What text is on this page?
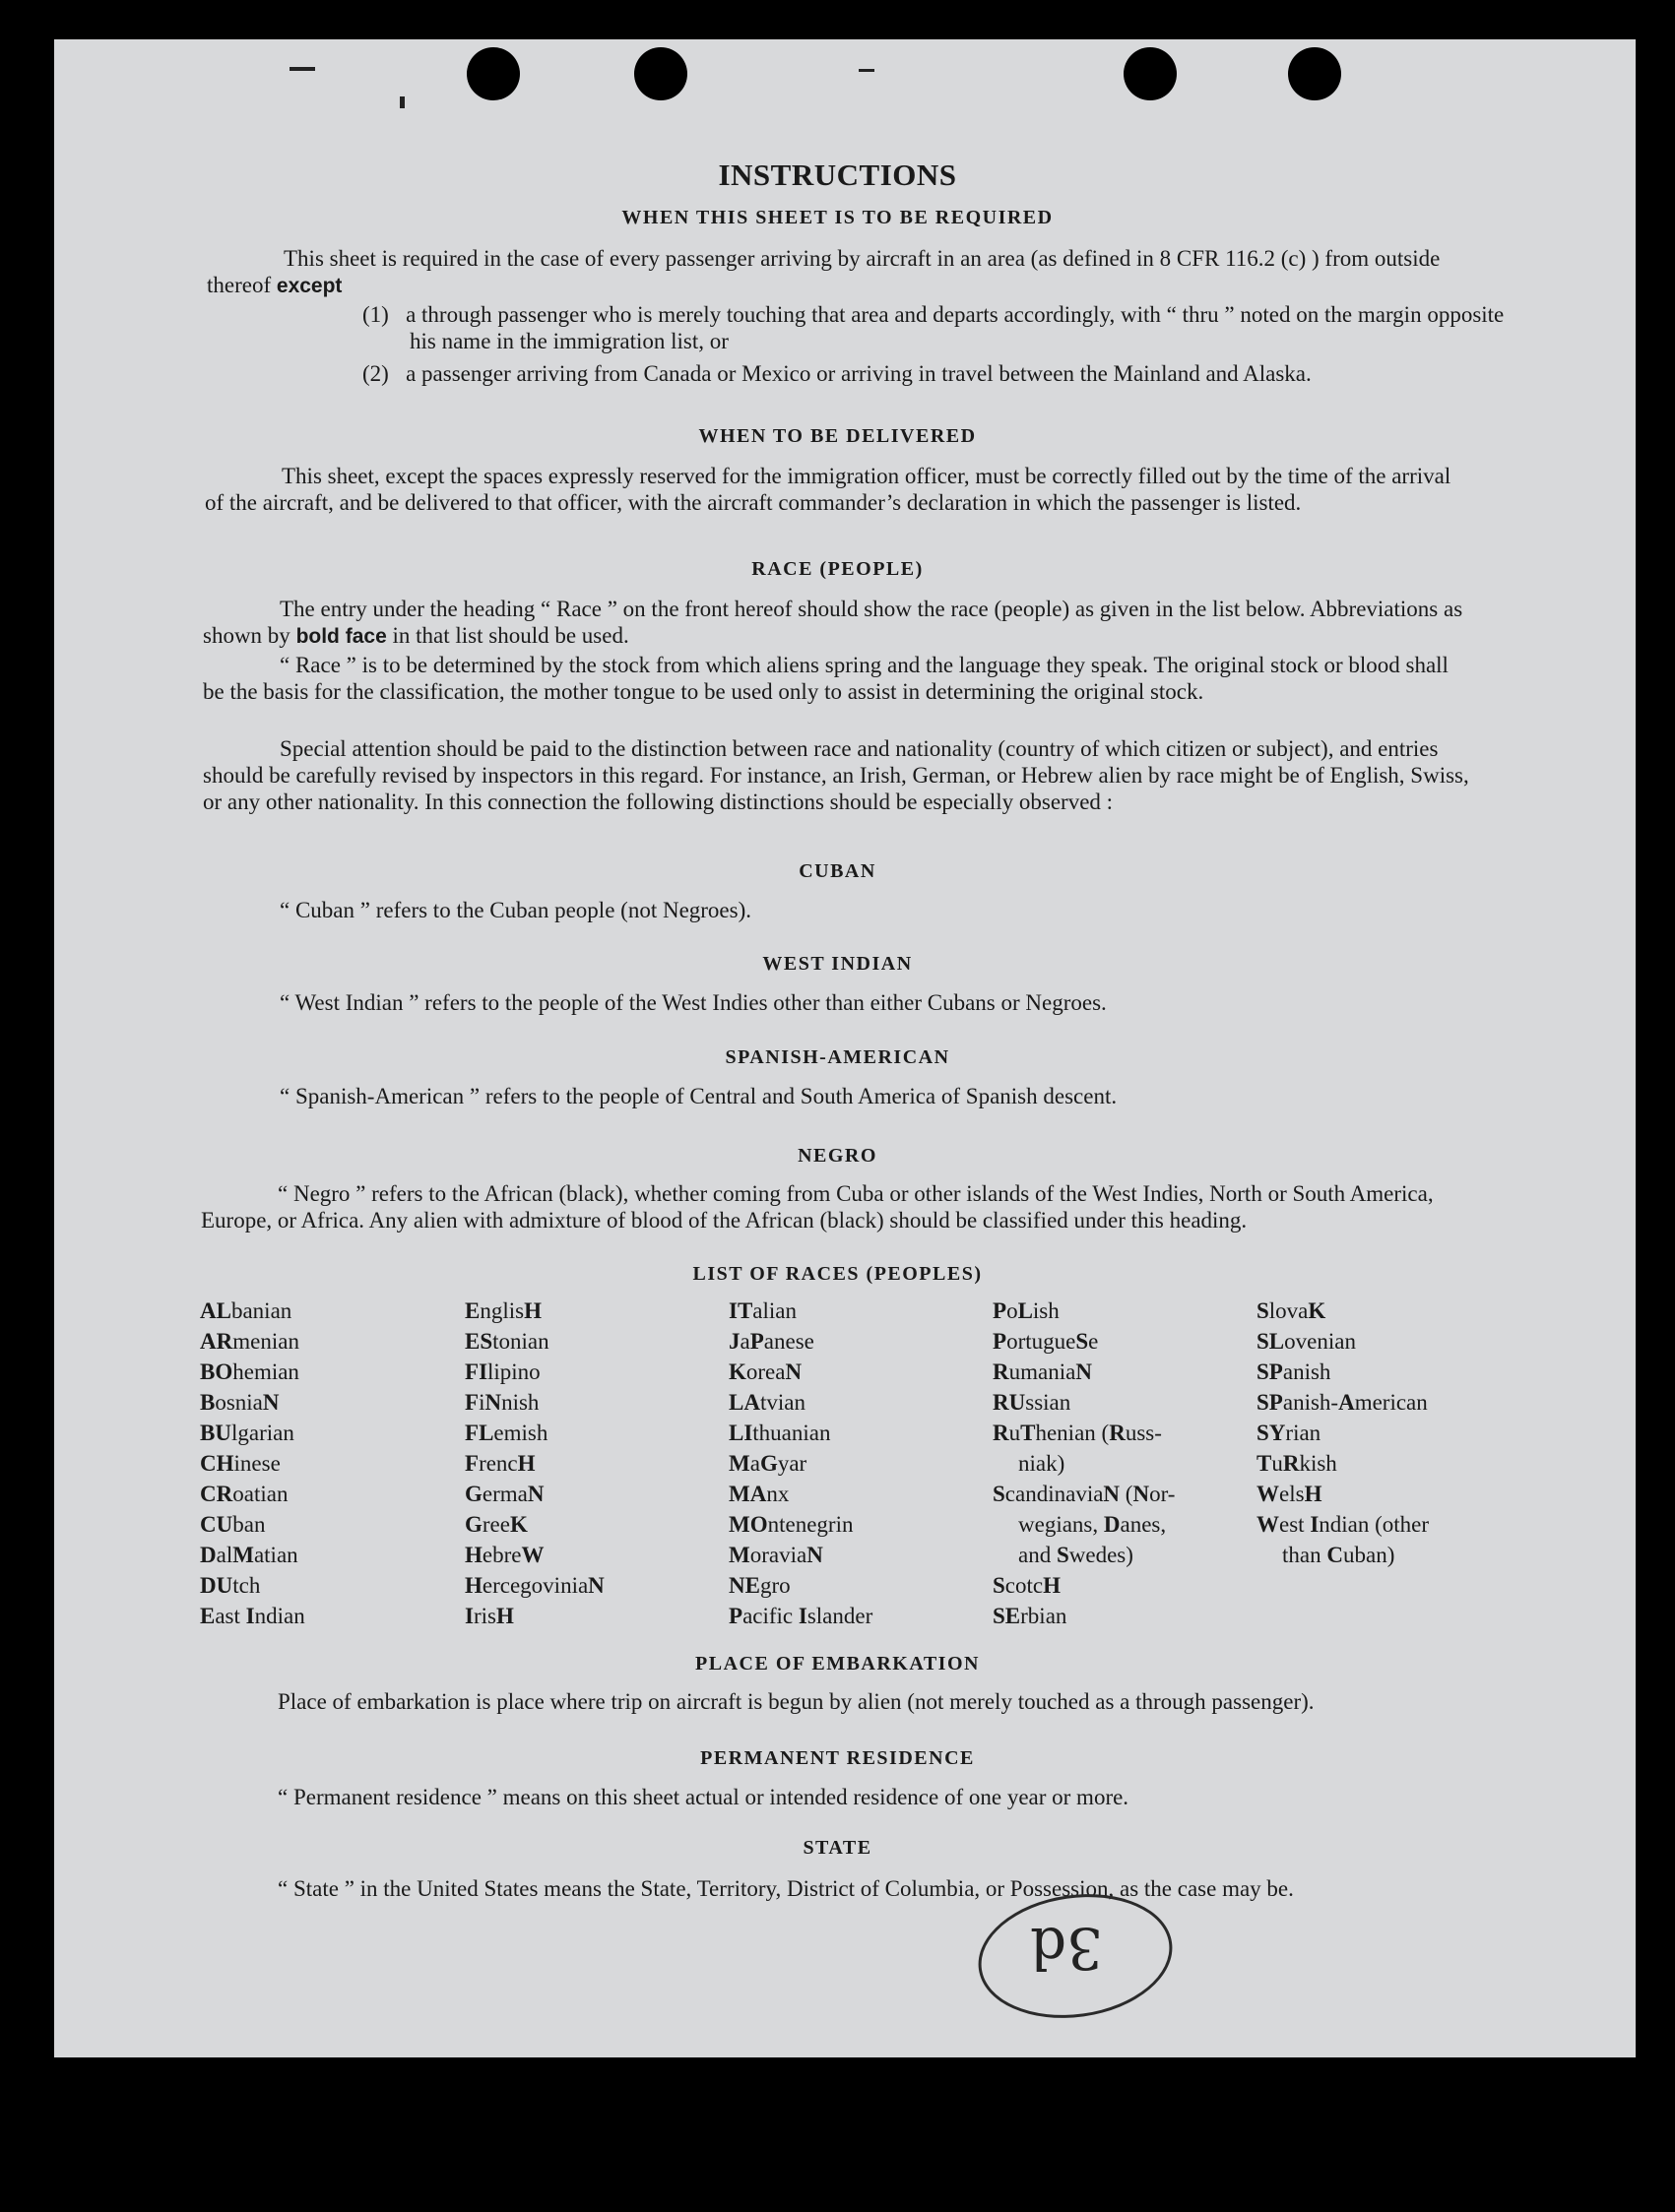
INSTRUCTIONS
WHEN THIS SHEET IS TO BE REQUIRED
This sheet is required in the case of every passenger arriving by aircraft in an area (as defined in 8 CFR 116.2 (c) ) from outside thereof except
(1) a through passenger who is merely touching that area and departs accordingly, with “ thru ” noted on the margin opposite his name in the immigration list, or
(2) a passenger arriving from Canada or Mexico or arriving in travel between the Mainland and Alaska.
WHEN TO BE DELIVERED
This sheet, except the spaces expressly reserved for the immigration officer, must be correctly filled out by the time of the arrival of the aircraft, and be delivered to that officer, with the aircraft commander’s declaration in which the passenger is listed.
RACE (PEOPLE)
The entry under the heading “ Race ” on the front hereof should show the race (people) as given in the list below. Abbreviations as shown by bold face in that list should be used.
“ Race ” is to be determined by the stock from which aliens spring and the language they speak. The original stock or blood shall be the basis for the classification, the mother tongue to be used only to assist in determining the original stock.
Special attention should be paid to the distinction between race and nationality (country of which citizen or subject), and entries should be carefully revised by inspectors in this regard. For instance, an Irish, German, or Hebrew alien by race might be of English, Swiss, or any other nationality. In this connection the following distinctions should be especially observed :
CUBAN
“ Cuban ” refers to the Cuban people (not Negroes).
WEST INDIAN
“ West Indian ” refers to the people of the West Indies other than either Cubans or Negroes.
SPANISH-AMERICAN
“ Spanish-American ” refers to the people of Central and South America of Spanish descent.
NEGRO
“ Negro ” refers to the African (black), whether coming from Cuba or other islands of the West Indies, North or South America, Europe, or Africa. Any alien with admixture of blood of the African (black) should be classified under this heading.
LIST OF RACES (PEOPLES)
ALbanian
ARmenian
BOhemian
BosniaN
BUlgarian
CHinese
CRoatian
CUban
DalMatian
DUtch
East Indian
EnglisH
EStonian
FIlipino
FiNnish
FLemish
FrencH
GermaN
GreeK
HebreW
HercegoviniaN
IrisH
ITalian
JaPanese
KoreaN
LAtvian
LIthuanian
MaGyar
MAnx
MOntenegrin
MoraviaN
NEgro
Pacific Islander
PoLish
PortugueSe
RumaniaN
RUssian
RuThenian (Russ-
niak)
ScandinaviaN (Nor-
wegians, Danes,
and Swedes)
ScotcH
SErbian
SlovaK
SLovenian
SPanish
SPanish-American
SYrian
TuRkish
WelsH
West Indian (other
than Cuban)
PLACE OF EMBARKATION
Place of embarkation is place where trip on aircraft is begun by alien (not merely touched as a through passenger).
PERMANENT RESIDENCE
“ Permanent residence ” means on this sheet actual or intended residence of one year or more.
STATE
“ State ” in the United States means the State, Territory, District of Columbia, or Possession, as the case may be.
3d
